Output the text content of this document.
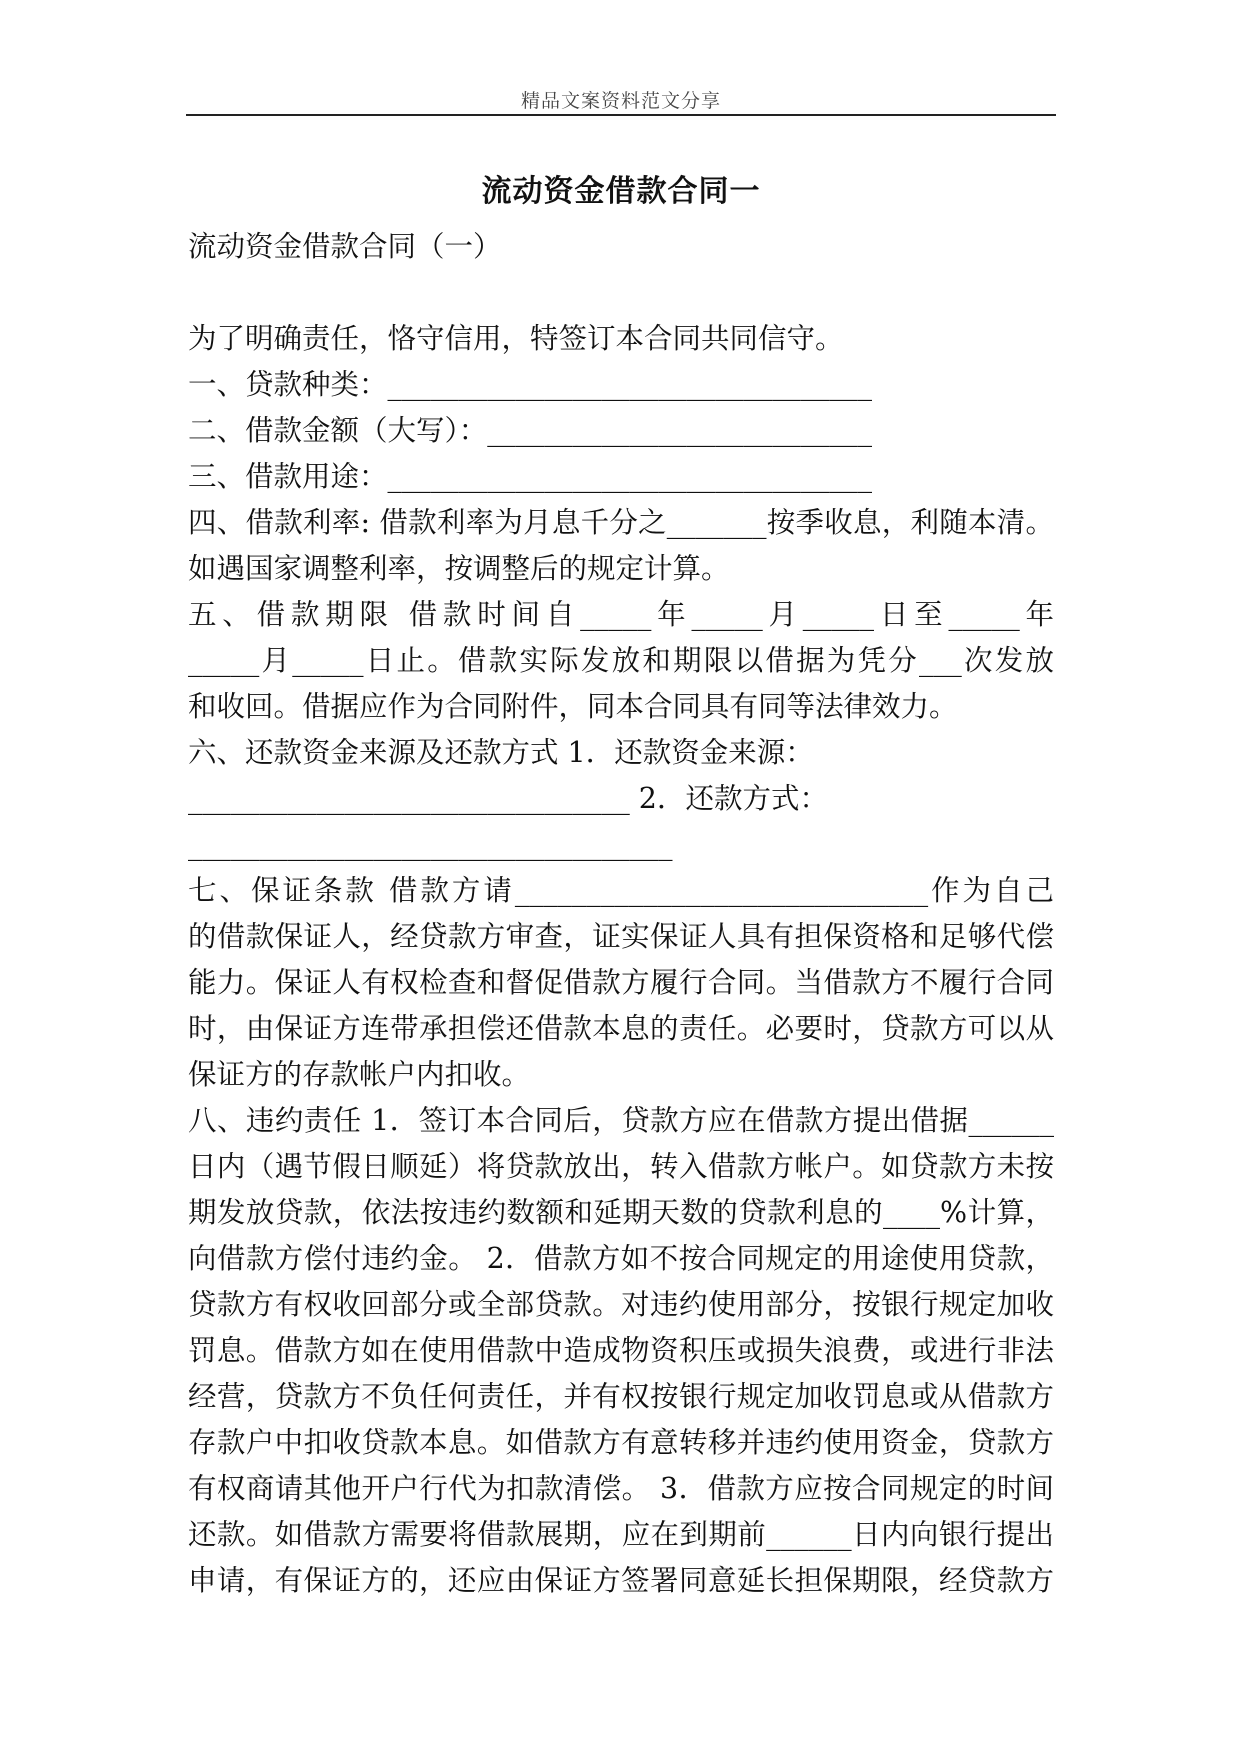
精品文案资料范文分享
流动资金借款合同一
流动资金借款合同（一）
为了明确责任，恪守信用，特签订本合同共同信守。
一、贷款种类：__________________________________
二、借款金额（大写）：___________________________
三、借款用途：__________________________________
四、借款利率: 借款利率为月息千分之_______按季收息，利随本清。
如遇国家调整利率，按调整后的规定计算。
五、借款期限 借款时间自_____年_____月_____日至_____年
_____月_____日止。借款实际发放和期限以借据为凭分___次发放
和收回。借据应作为合同附件，同本合同具有同等法律效力。
六、还款资金来源及还款方式 1．还款资金来源：
_______________________________ 2．还款方式：
__________________________________
七、保证条款 借款方请_____________________________作为自己
的借款保证人，经贷款方审查，证实保证人具有担保资格和足够代偿
能力。保证人有权检查和督促借款方履行合同。当借款方不履行合同
时，由保证方连带承担偿还借款本息的责任。必要时，贷款方可以从
保证方的存款帐户内扣收。
八、违约责任 1．签订本合同后，贷款方应在借款方提出借据______
日内（遇节假日顺延）将贷款放出，转入借款方帐户。如贷款方未按
期发放贷款，依法按违约数额和延期天数的贷款利息的____%计算，
向借款方偿付违约金。 2．借款方如不按合同规定的用途使用贷款，
贷款方有权收回部分或全部贷款。对违约使用部分，按银行规定加收
罚息。借款方如在使用借款中造成物资积压或损失浪费，或进行非法
经营，贷款方不负任何责任，并有权按银行规定加收罚息或从借款方
存款户中扣收贷款本息。如借款方有意转移并违约使用资金，贷款方
有权商请其他开户行代为扣款清偿。 3．借款方应按合同规定的时间
还款。如借款方需要将借款展期，应在到期前______日内向银行提出
申请，有保证方的，还应由保证方签署同意延长担保期限，经贷款方
